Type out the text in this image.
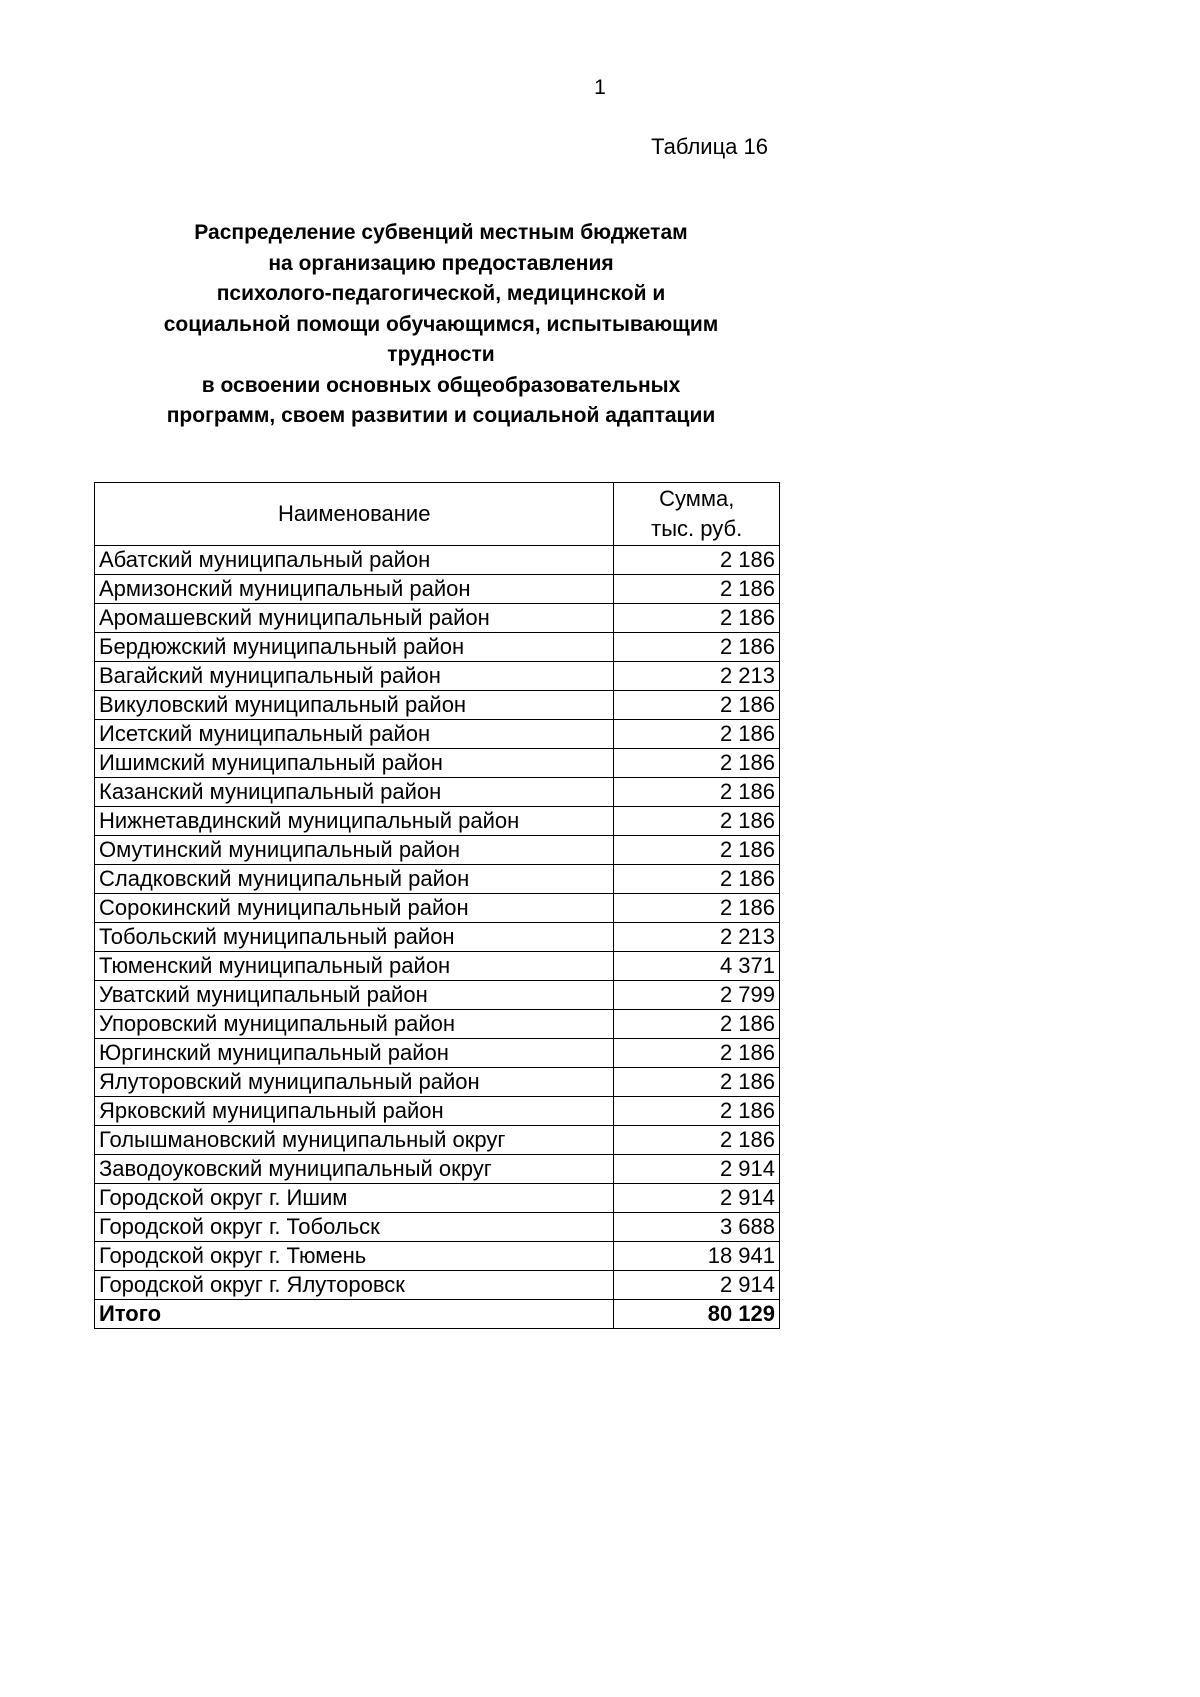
1
Таблица 16
Распределение субвенций местным бюджетам
на организацию предоставления
психолого-педагогической, медицинской и
социальной помощи обучающимся, испытывающим
трудности
в освоении основных общеобразовательных
программ, своем развитии и социальной адаптации
Наименование	Сумма,
тыс. руб.

Абатский муниципальный район	2 186
Армизонский муниципальный район	2 186
Аромашевский муниципальный район	2 186
Бердюжский муниципальный район	2 186
Вагайский муниципальный район	2 213
Викуловский муниципальный район	2 186
Исетский муниципальный район	2 186
Ишимский муниципальный район	2 186
Казанский муниципальный район	2 186
Нижнетавдинский муниципальный район	2 186
Омутинский муниципальный район	2 186
Сладковский муниципальный район	2 186
Сорокинский муниципальный район	2 186
Тобольский муниципальный район	2 213
Тюменский муниципальный район	4 371
Уватский муниципальный район	2 799
Упоровский муниципальный район	2 186
Юргинский муниципальный район	2 186
Ялуторовский муниципальный район	2 186
Ярковский муниципальный район	2 186
Голышмановский муниципальный округ	2 186
Заводоуковский муниципальный округ	2 914
Городской округ г. Ишим	2 914
Городской округ г. Тобольск	3 688
Городской округ г. Тюмень	18 941
Городской округ г. Ялуторовск	2 914
Итого	80 129
